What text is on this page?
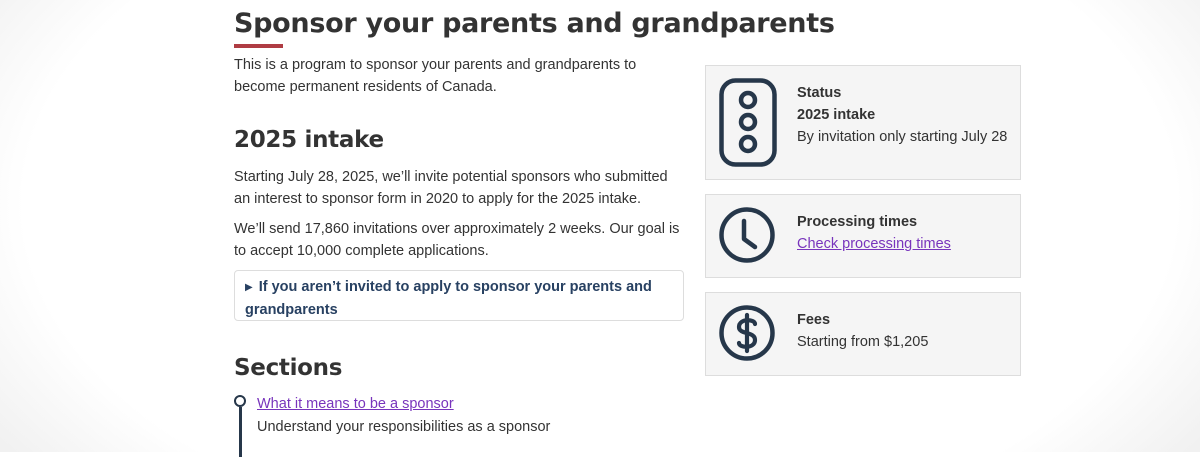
Sponsor your parents and grandparents

This is a program to sponsor your parents and grandparents to become permanent residents of Canada.

2025 intake

Starting July 28, 2025, we’ll invite potential sponsors who submitted an interest to sponsor form in 2020 to apply for the 2025 intake.

We’ll send 17,860 invitations over approximately 2 weeks. Our goal is to accept 10,000 complete applications.

▶ If you aren’t invited to apply to sponsor your parents and grandparents
Sections
What it means to be a sponsor
Understand your responsibilities as a sponsor
Status
2025 intake
By invitation only starting July 28
Processing times
Check processing times
Fees
Starting from $1,205
